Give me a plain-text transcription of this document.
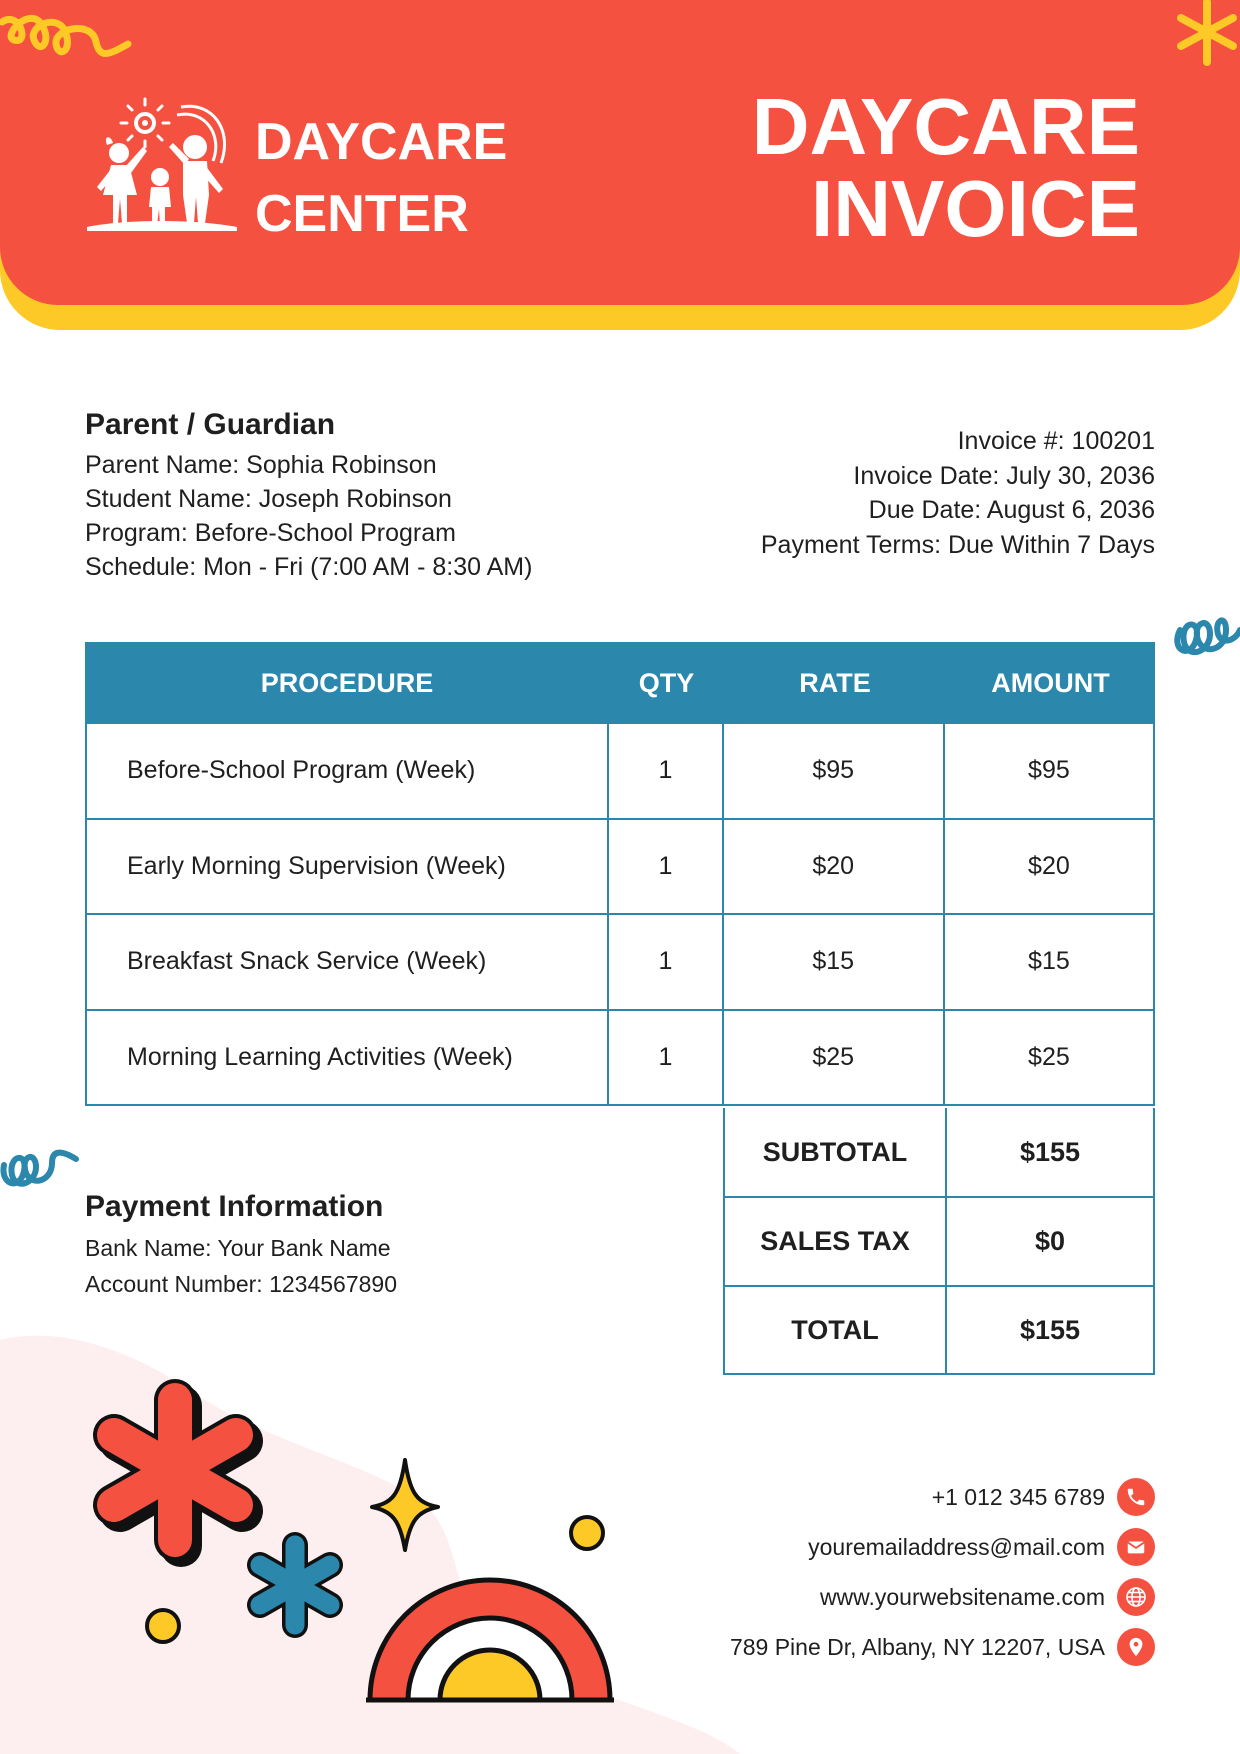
DAYCARE
CENTER
DAYCARE
INVOICE
Parent / Guardian
Parent Name: Sophia Robinson
Student Name: Joseph Robinson
Program: Before-School Program
Schedule: Mon - Fri (7:00 AM - 8:30 AM)
Invoice #: 100201
Invoice Date: July 30, 2036
Due Date: August 6, 2036
Payment Terms: Due Within 7 Days
PROCEDURE	QTY	RATE	AMOUNT
Before-School Program (Week)	1	$95	$95
Early Morning Supervision (Week)	1	$20	$20
Breakfast Snack Service (Week)	1	$15	$15
Morning Learning Activities (Week)	1	$25	$25
SUBTOTAL	$155
SALES TAX	$0
TOTAL	$155
Payment Information
Bank Name: Your Bank Name
Account Number: 1234567890
+1 012 345 6789
youremailaddress@mail.com
www.yourwebsitename.com
789 Pine Dr, Albany, NY 12207, USA
